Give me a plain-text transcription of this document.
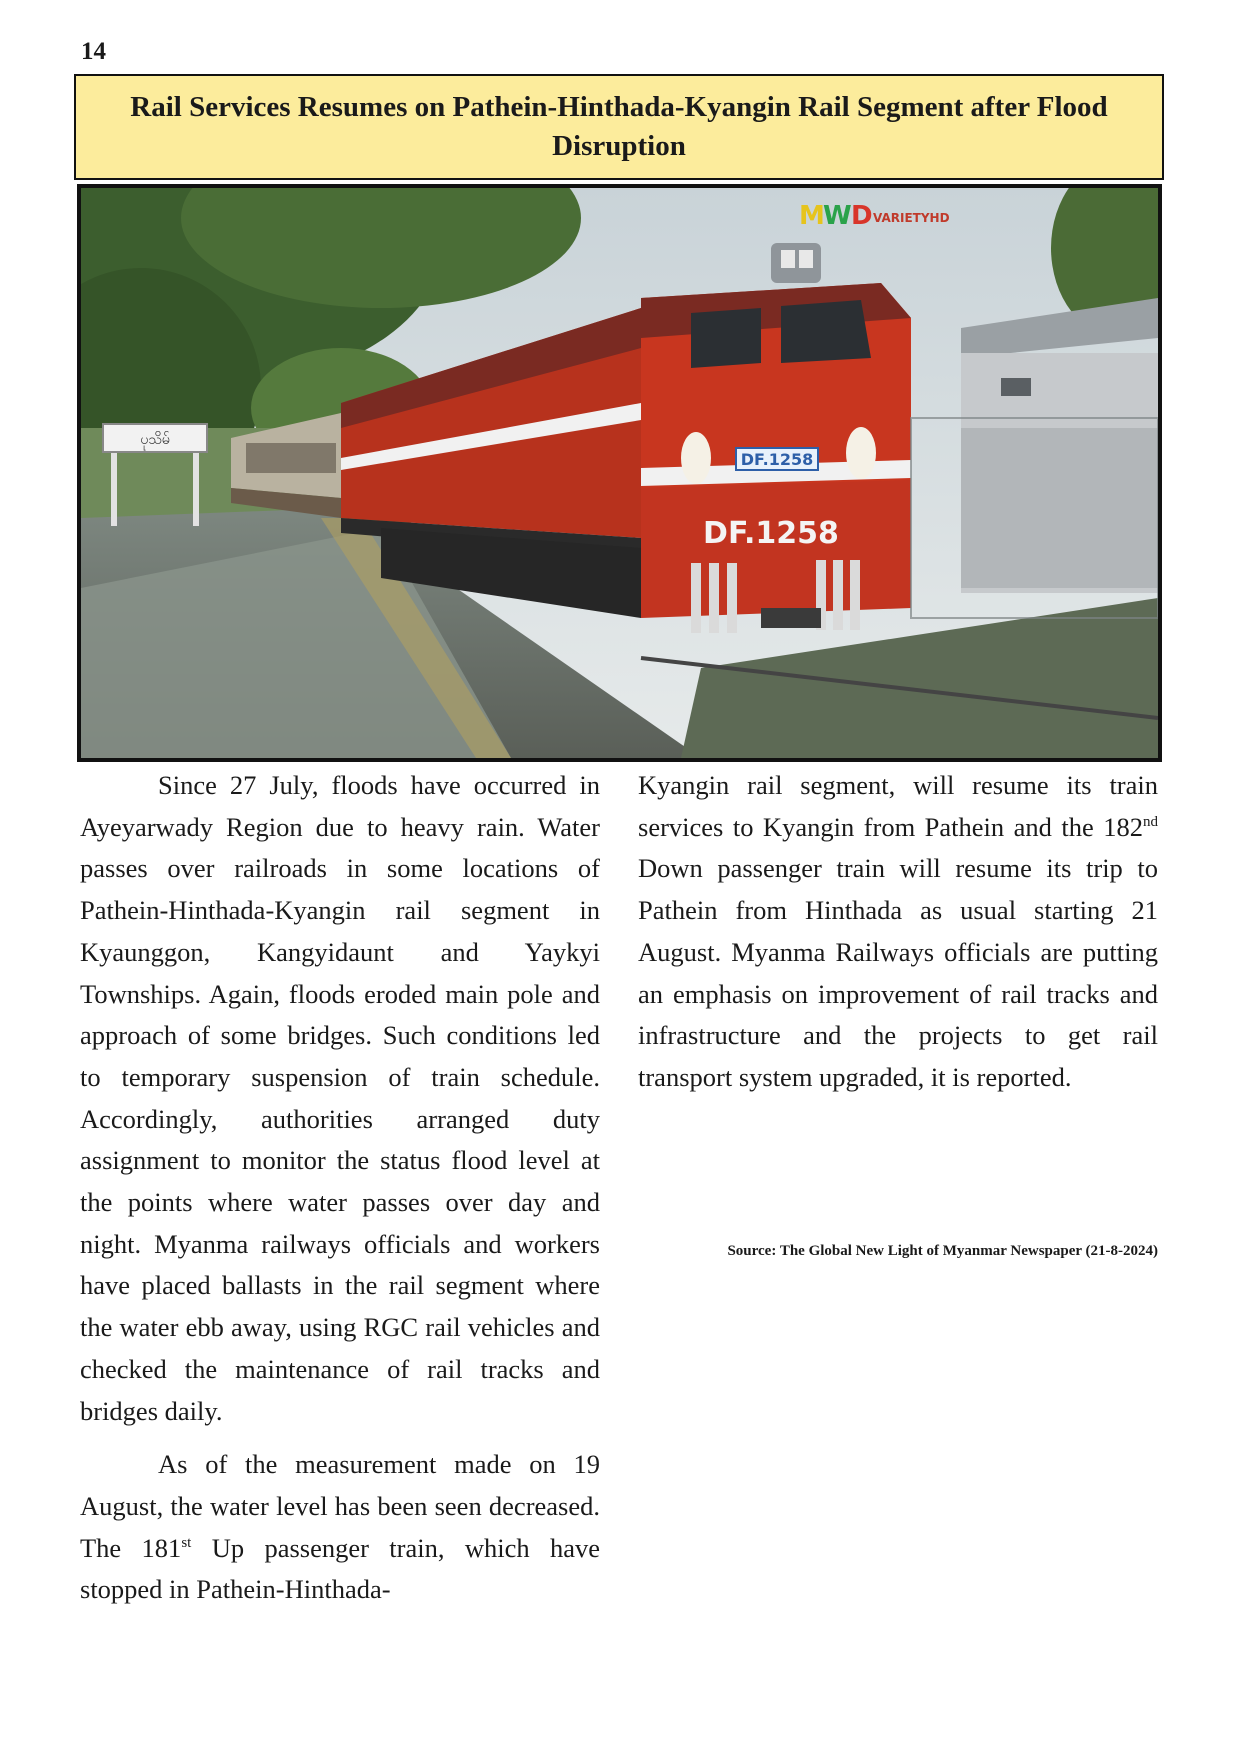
14
Rail Services Resumes on Pathein-Hinthada-Kyangin Rail Segment after Flood Disruption
ပုသိမ်
DF.1258
DF.1258
M
W D VARIETYHD

Since 27 July, floods have occurred in Ayeyarwady Region due to heavy rain. Water passes over railroads in some locations of Pathein-Hinthada-Kyangin rail segment in Kyaunggon, Kangyidaunt and Yaykyi Townships. Again, floods eroded main pole and approach of some bridges. Such conditions led to temporary suspension of train schedule. Accordingly, authorities arranged duty assignment to monitor the status flood level at the points where water passes over day and night. Myanma railways officials and workers have placed ballasts in the rail segment where the water ebb away, using RGC rail vehicles and checked the maintenance of rail tracks and bridges daily.

As of the measurement made on 19 August, the water level has been seen decreased. The 181st Up passenger train, which have stopped in Pathein-Hinthada-

Kyangin rail segment, will resume its train services to Kyangin from Pathein and the 182nd Down passenger train will resume its trip to Pathein from Hinthada as usual starting 21 August. Myanma Railways officials are putting an emphasis on improvement of rail tracks and infrastructure and the projects to get rail transport system upgraded, it is reported.

Source: The Global New Light of Myanmar Newspaper (21-8-2024)
